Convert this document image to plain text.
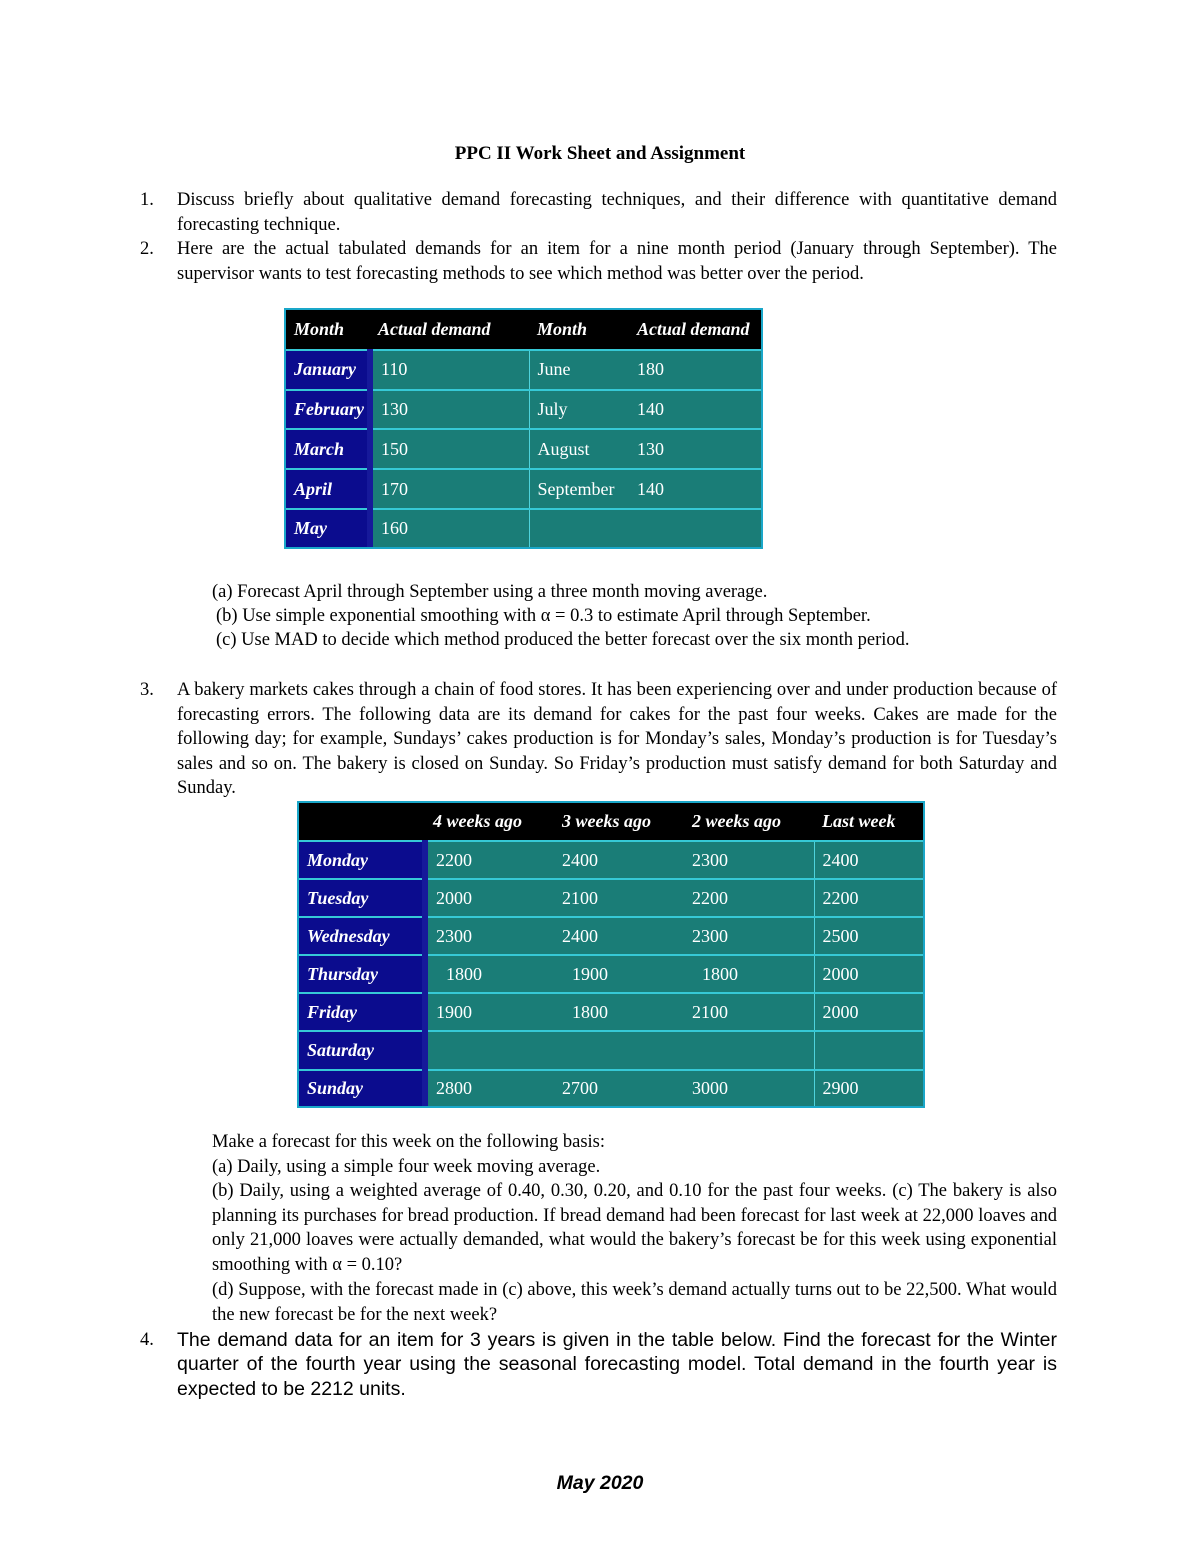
PPC II Work Sheet and Assignment
1.	Discuss briefly about qualitative demand forecasting techniques, and their difference with quantitative demand forecasting technique.
2.	Here are the actual tabulated demands for an item for a nine month period (January through September). The supervisor wants to test forecasting methods to see which method was better over the period.
Month	Actual demand	Month	Actual demand
January	110	June	180
February	130	July	140
March	150	August	130
April	170	September	140
May	160		
(a) Forecast April through September using a three month moving average.
(b) Use simple exponential smoothing with α = 0.3 to estimate April through September.
(c) Use MAD to decide which method produced the better forecast over the six month period.
3.	A bakery markets cakes through a chain of food stores. It has been experiencing over and under production because of forecasting errors. The following data are its demand for cakes for the past four weeks. Cakes are made for the following day; for example, Sundays’ cakes production is for Monday’s sales, Monday’s production is for Tuesday’s sales and so on. The bakery is closed on Sunday. So Friday’s production must satisfy demand for both Saturday and Sunday.
	4 weeks ago	3 weeks ago	2 weeks ago	Last week
Monday	2200	2400	2300	2400
Tuesday	2000	2100	2200	2200
Wednesday	2300	2400	2300	2500
Thursday	1800	1900	1800	2000
Friday	1900	1800	2100	2000
Saturday				
Sunday	2800	2700	3000	2900
Make a forecast for this week on the following basis:
(a) Daily, using a simple four week moving average.
(b) Daily, using a weighted average of 0.40, 0.30, 0.20, and 0.10 for the past four weeks. (c) The bakery is also planning its purchases for bread production. If bread demand had been forecast for last week at 22,000 loaves and only 21,000 loaves were actually demanded, what would the bakery’s forecast be for this week using exponential smoothing with α = 0.10?
(d) Suppose, with the forecast made in (c) above, this week’s demand actually turns out to be 22,500. What would the new forecast be for the next week?
4.	The demand data for an item for 3 years is given in the table below. Find the forecast for the Winter quarter of the fourth year using the seasonal forecasting model. Total demand in the fourth year is expected to be 2212 units.
May 2020
